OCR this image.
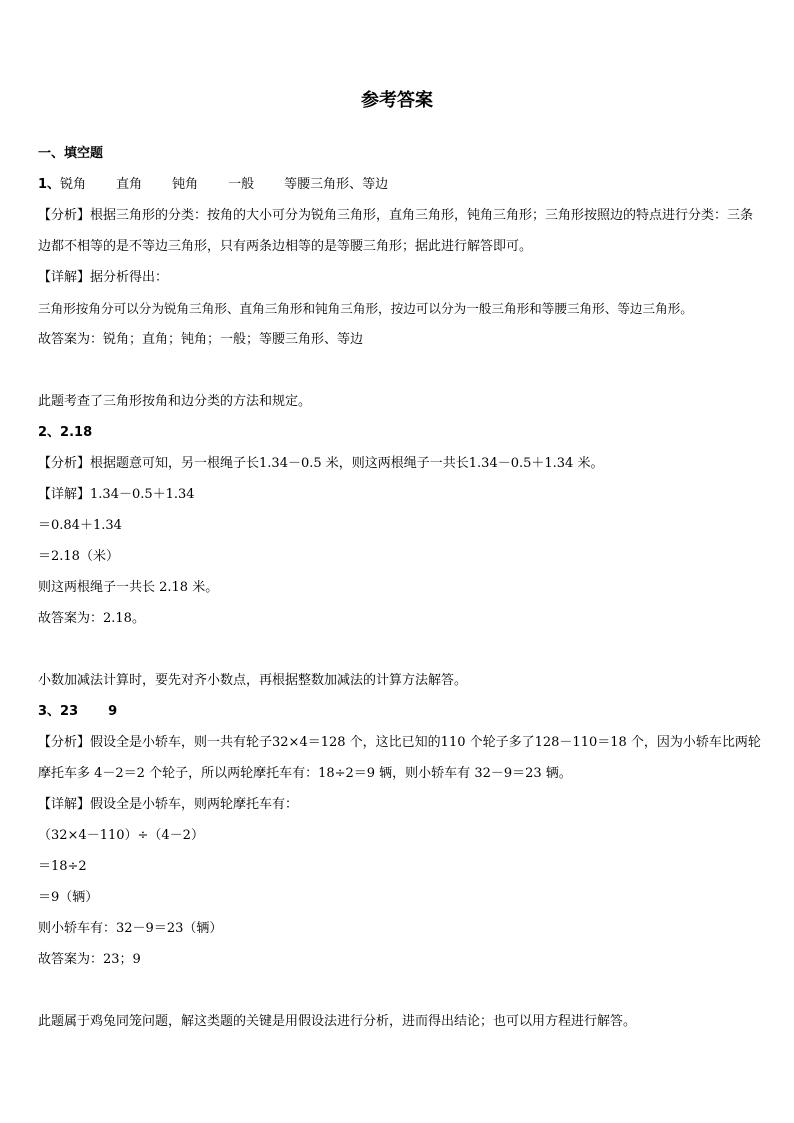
参考答案
一、填空题
1、锐角 直角 钝角 一般 等腰三角形、等边
【分析】根据三角形的分类：按角的大小可分为锐角三角形，直角三角形，钝角三角形；三角形按照边的特点进行分类：三条边都不相等的是不等边三角形，只有两条边相等的是等腰三角形；据此进行解答即可。
【详解】据分析得出：
三角形按角分可以分为锐角三角形、直角三角形和钝角三角形，按边可以分为一般三角形和等腰三角形、等边三角形。
故答案为：锐角；直角；钝角；一般；等腰三角形、等边
此题考查了三角形按角和边分类的方法和规定。
2、2.18
【分析】根据题意可知，另一根绳子长1.34－0.5 米，则这两根绳子一共长1.34－0.5＋1.34 米。
【详解】1.34－0.5＋1.34
＝0.84＋1.34
＝2.18（米）
则这两根绳子一共长 2.18 米。
故答案为：2.18。
小数加减法计算时，要先对齐小数点，再根据整数加减法的计算方法解答。
3、23 9
【分析】假设全是小轿车，则一共有轮子32×4＝128 个，这比已知的110 个轮子多了128－110＝18 个，因为小轿车比两轮摩托车多 4－2＝2 个轮子，所以两轮摩托车有：18÷2＝9 辆，则小轿车有 32－9＝23 辆。
【详解】假设全是小轿车，则两轮摩托车有：
（32×4－110）÷（4－2）
＝18÷2
＝9（辆）
则小轿车有：32－9＝23（辆）
故答案为：23；9
此题属于鸡兔同笼问题，解这类题的关键是用假设法进行分析，进而得出结论；也可以用方程进行解答。
